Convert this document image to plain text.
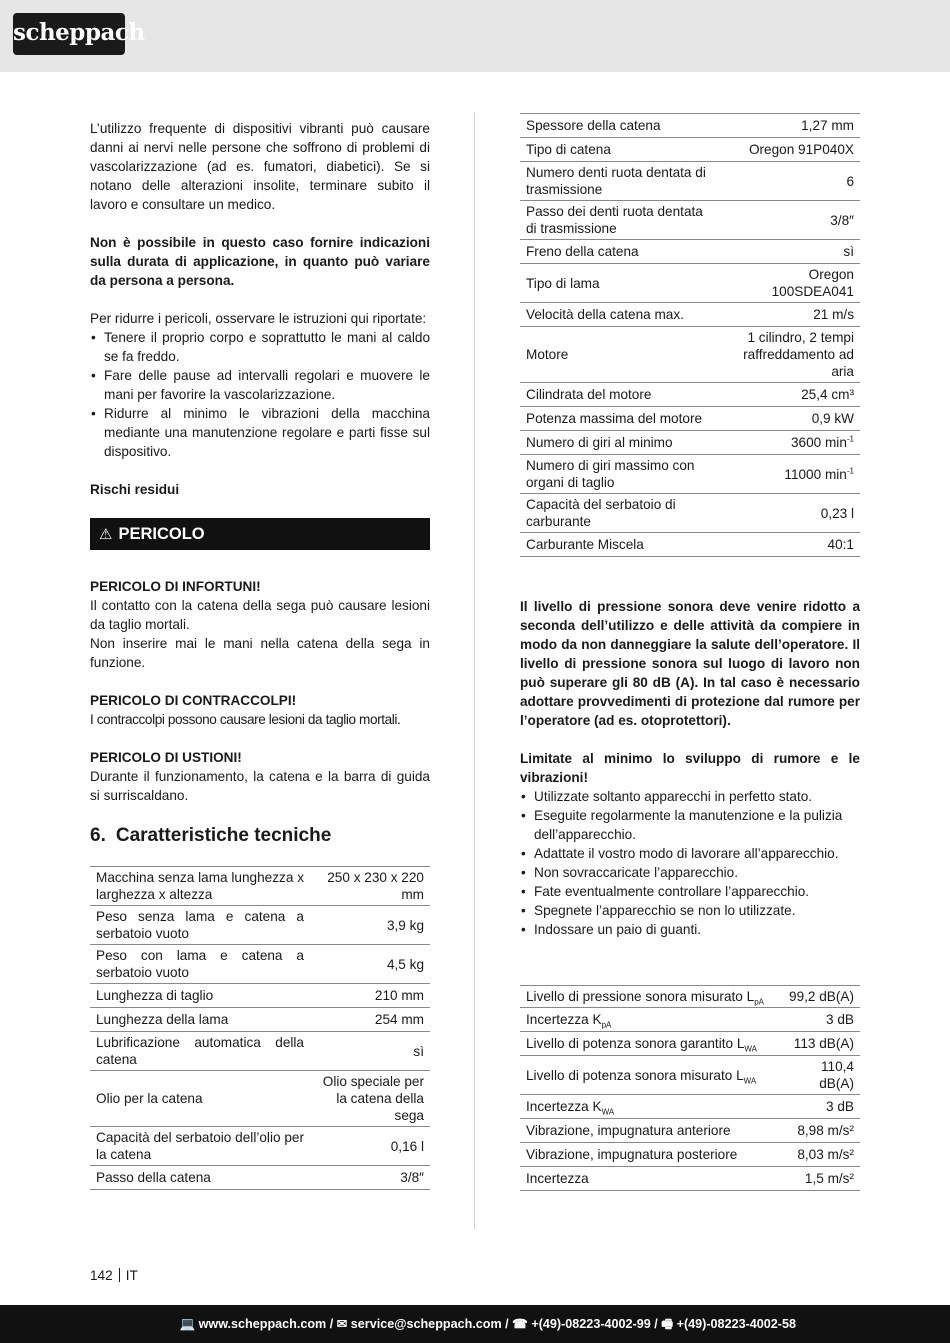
scheppach

L’utilizzo frequente di dispositivi vibranti può causare danni ai nervi nelle persone che soffrono di problemi di vascolarizzazione (ad es. fumatori, diabetici). Se si notano delle alterazioni insolite, terminare subito il lavoro e consultare un medico.

Non è possibile in questo caso fornire indicazioni sulla durata di applicazione, in quanto può variare da persona a persona.

Per ridurre i pericoli, osservare le istruzioni qui riportate:

• Tenere il proprio corpo e soprattutto le mani al caldo se fa freddo.
• Fare delle pause ad intervalli regolari e muovere le mani per favorire la vascolarizzazione.
• Ridurre al minimo le vibrazioni della macchina mediante una manutenzione regolare e parti fisse sul dispositivo.

Rischi residui

⚠ PERICOLO
PERICOLO DI INFORTUNI!
Il contatto con la catena della sega può causare lesioni da taglio mortali.
Non inserire mai le mani nella catena della sega in funzione.
PERICOLO DI CONTRACCOLPI!
I contraccolpi possono causare lesioni da taglio mortali.
PERICOLO DI USTIONI!
Durante il funzionamento, la catena e la barra di guida si surriscaldano.
6. Caratteristiche tecniche
Macchina senza lama lunghezza x larghezza x altezza	250 x 230 x 220 mm
Peso senza lama e catena a serbatoio vuoto	3,9 kg
Peso con lama e catena a serbatoio vuoto	4,5 kg
Lunghezza di taglio	210 mm
Lunghezza della lama	254 mm
Lubrificazione automatica della catena	sì
Olio per la catena	Olio speciale per la catena della sega
Capacità del serbatoio dell’olio per la catena	0,16 l
Passo della catena	3/8″
Spessore della catena	1,27 mm
Tipo di catena	Oregon 91P040X
Numero denti ruota dentata di trasmissione	6
Passo dei denti ruota dentata di trasmissione	3/8″
Freno della catena	sì
Tipo di lama	Oregon 100SDEA041
Velocità della catena max.	21 m/s
Motore	1 cilindro, 2 tempi raffreddamento ad aria
Cilindrata del motore	25,4 cm³
Potenza massima del motore	0,9 kW
Numero di giri al minimo	3600 $\min^{-1}$
Numero di giri massimo con organi di taglio	11000 $\min^{-1}$
Capacità del serbatoio di carburante	0,23 l
Carburante Miscela	40:1

Il livello di pressione sonora deve venire ridotto a seconda dell’utilizzo e delle attività da compiere in modo da non danneggiare la salute dell’operatore. Il livello di pressione sonora sul luogo di lavoro non può superare gli 80 dB (A). In tal caso è necessario adottare provvedimenti di protezione dal rumore per l’operatore (ad es. otoprotettori).

Limitate al minimo lo sviluppo di rumore e le vibrazioni!

• Utilizzate soltanto apparecchi in perfetto stato.
• Eseguite regolarmente la manutenzione e la pulizia dell’apparecchio.
• Adattate il vostro modo di lavorare all’apparecchio.
• Non sovraccaricate l’apparecchio.
• Fate eventualmente controllare l’apparecchio.
• Spegnete l’apparecchio se non lo utilizzate.
• Indossare un paio di guanti.
Livello di pressione sonora misurato $L_{pA}$	99,2 dB(A)
Incertezza $K_{pA}$	3 dB
Livello di potenza sonora garantito $L_{WA}$	113 dB(A)
Livello di potenza sonora misurato $L_{WA}$	110,4 dB(A)
Incertezza $K_{WA}$	3 dB
Vibrazione, impugnatura anteriore	8,98 m/s²
Vibrazione, impugnatura posteriore	8,03 m/s²
Incertezza	1,5 m/s²
142 IT
💻 www.scheppach.com / ✉ service@scheppach.com / ☎ +(49)-08223-4002-99 / 🖷 +(49)-08223-4002-58
